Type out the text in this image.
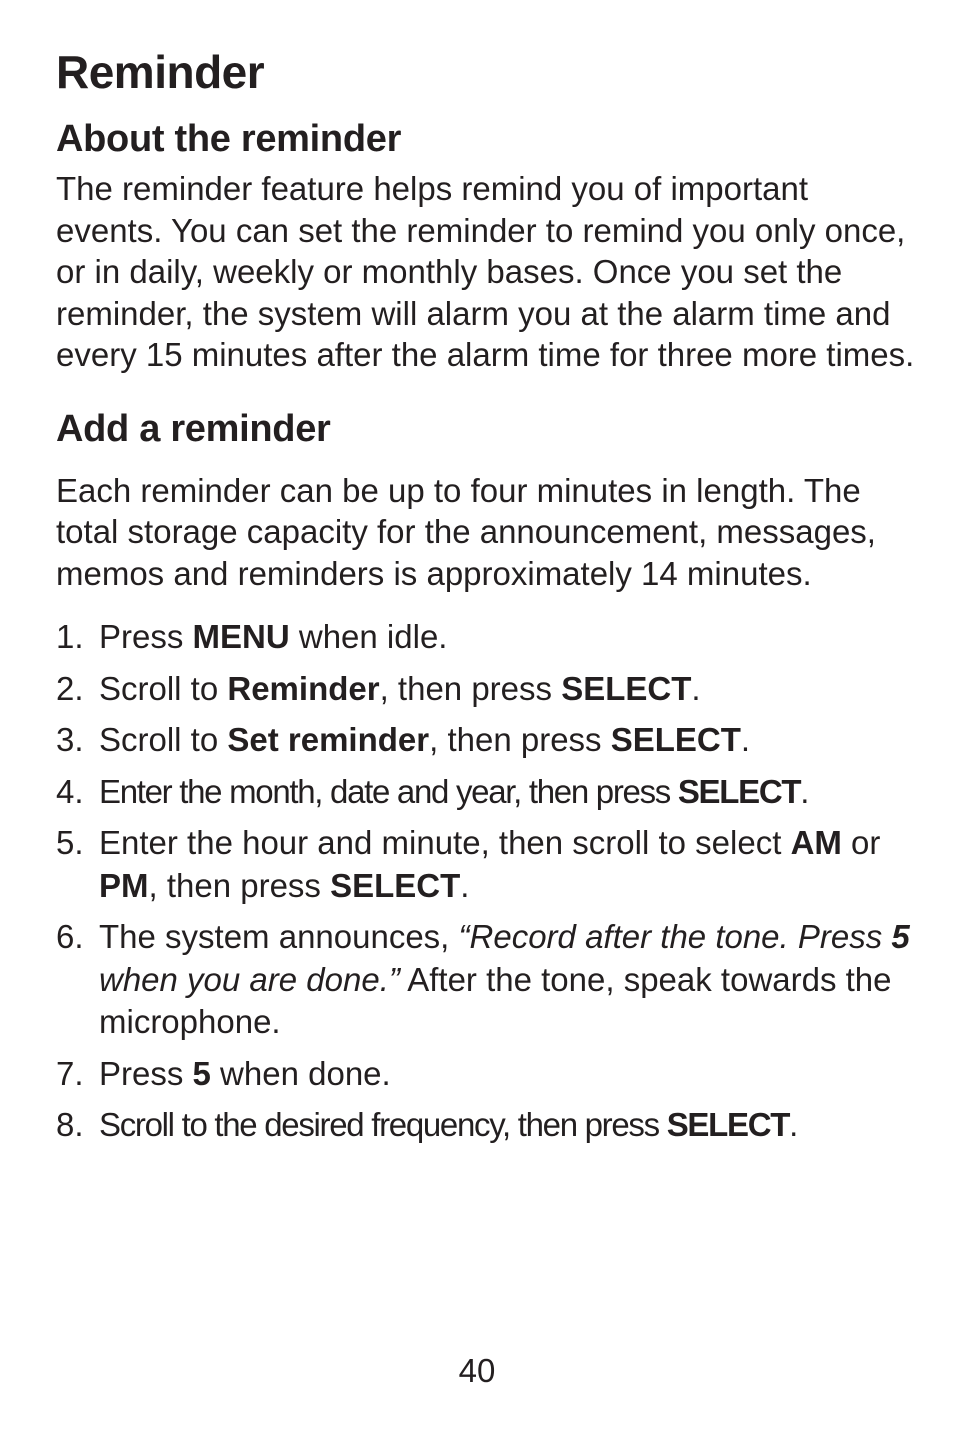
Reminder
About the reminder

The reminder feature helps remind you of important events. You can set the reminder to remind you only once, or in daily, weekly or monthly bases. Once you set the reminder, the system will alarm you at the alarm time and every 15 minutes after the alarm time for three more times.

Add a reminder

Each reminder can be up to four minutes in length. The total storage capacity for the announcement, messages, memos and reminders is approximately 14 minutes.

1. Press MENU when idle.
2. Scroll to Reminder, then press SELECT.
3. Scroll to Set reminder, then press SELECT.
4. Enter the month, date and year, then press SELECT.
5. Enter the hour and minute, then scroll to select AM or PM, then press SELECT.
6. The system announces, “Record after the tone. Press 5 when you are done.” After the tone, speak towards the microphone.
7. Press 5 when done.
8. Scroll to the desired frequency, then press SELECT.
40
